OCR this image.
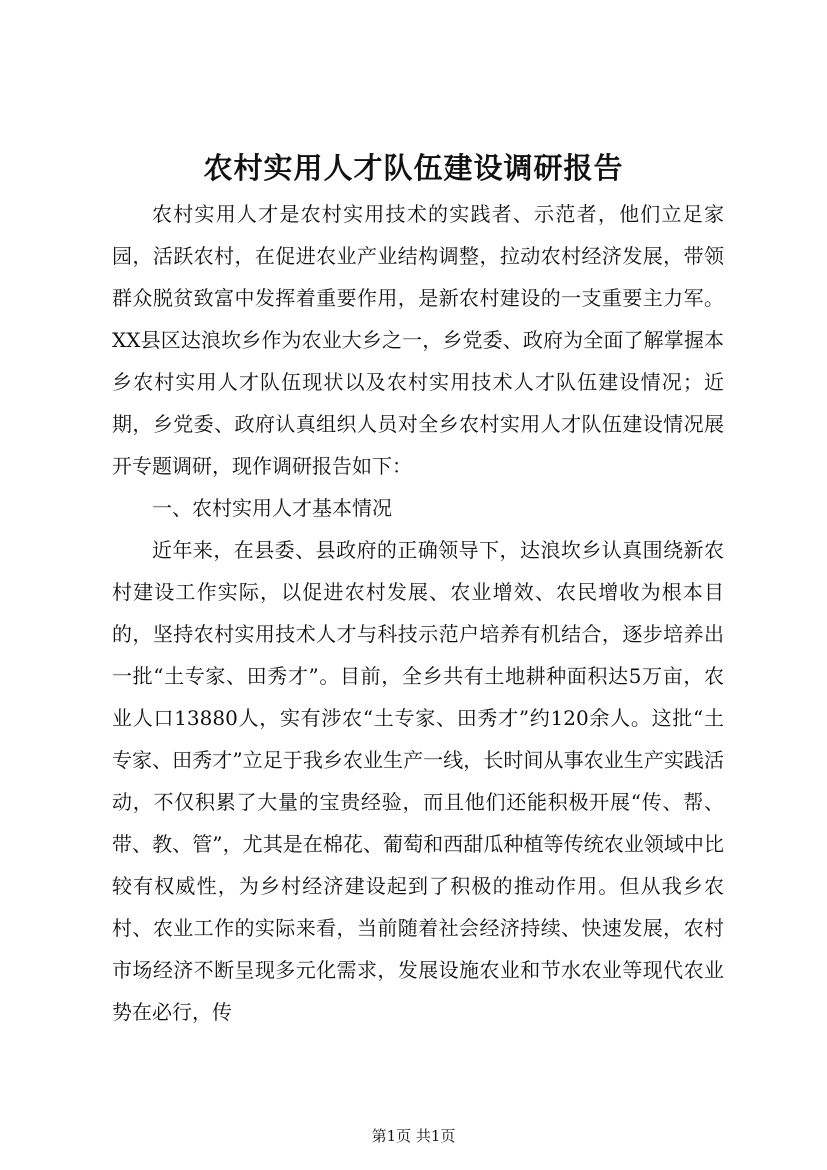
农村实用人才队伍建设调研报告

农村实用人才是农村实用技术的实践者、示范者，他们立足家园，活跃农村，在促进农业产业结构调整，拉动农村经济发展，带领群众脱贫致富中发挥着重要作用，是新农村建设的一支重要主力军。XX县区达浪坎乡作为农业大乡之一，乡党委、政府为全面了解掌握本乡农村实用人才队伍现状以及农村实用技术人才队伍建设情况；近期，乡党委、政府认真组织人员对全乡农村实用人才队伍建设情况展开专题调研，现作调研报告如下：

一、农村实用人才基本情况

近年来，在县委、县政府的正确领导下，达浪坎乡认真围绕新农村建设工作实际，以促进农村发展、农业增效、农民增收为根本目的，坚持农村实用技术人才与科技示范户培养有机结合，逐步培养出一批“土专家、田秀才”。目前，全乡共有土地耕种面积达5万亩，农业人口13880人，实有涉农“土专家、田秀才”约120余人。这批“土专家、田秀才”立足于我乡农业生产一线，长时间从事农业生产实践活动，不仅积累了大量的宝贵经验，而且他们还能积极开展“传、帮、带、教、管”，尤其是在棉花、葡萄和西甜瓜种植等传统农业领域中比较有权威性，为乡村经济建设起到了积极的推动作用。但从我乡农村、农业工作的实际来看，当前随着社会经济持续、快速发展，农村市场经济不断呈现多元化需求，发展设施农业和节水农业等现代农业势在必行，传

第1页 共1页
